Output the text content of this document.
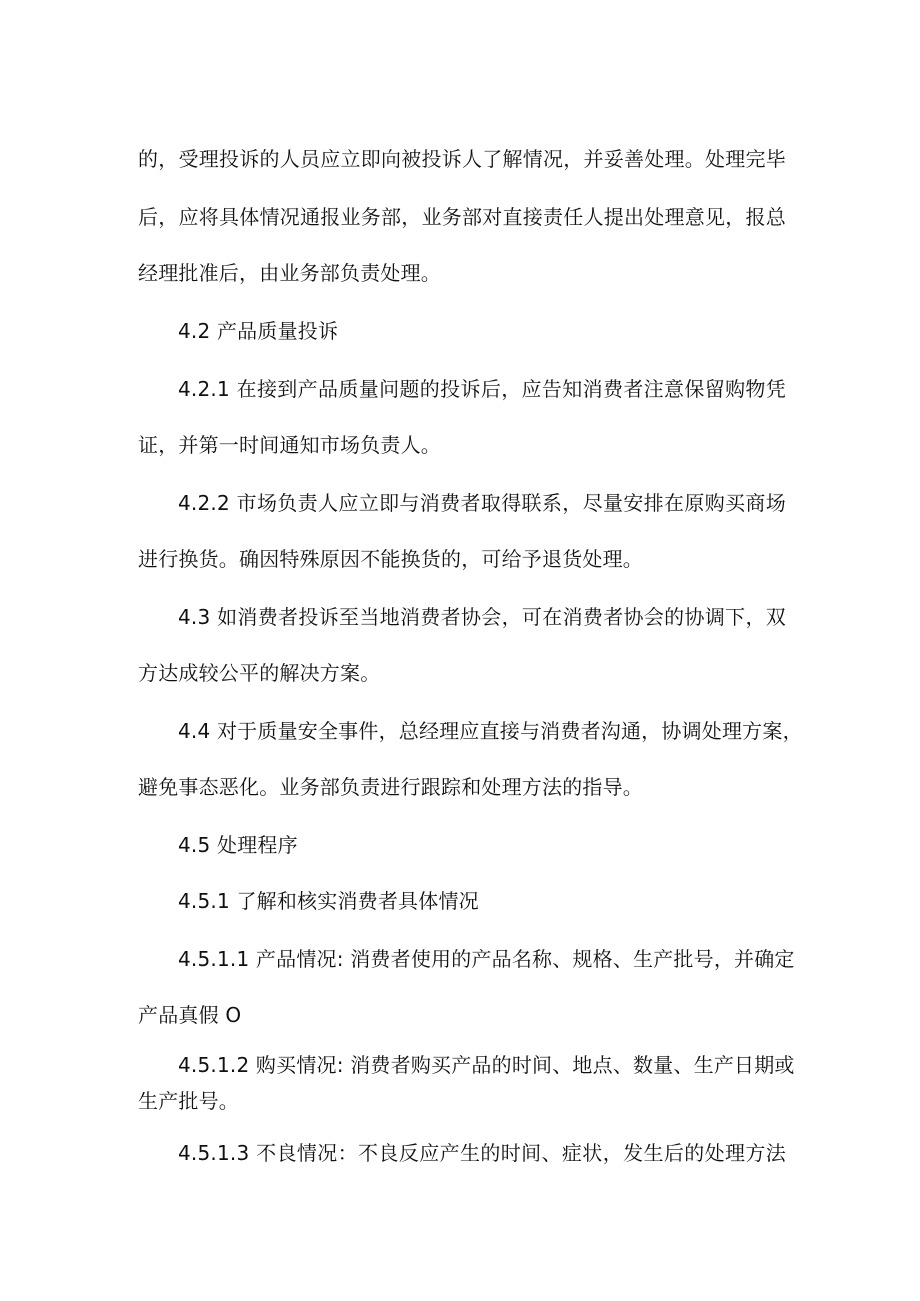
的，受理投诉的人员应立即向被投诉人了解情况，并妥善处理。处理完毕
后，应将具体情况通报业务部，业务部对直接责任人提出处理意见，报总
经理批准后，由业务部负责处理。
4.2 产品质量投诉
4.2.1 在接到产品质量问题的投诉后，应告知消费者注意保留购物凭
证，并第一时间通知市场负责人。
4.2.2 市场负责人应立即与消费者取得联系，尽量安排在原购买商场
进行换货。确因特殊原因不能换货的，可给予退货处理。
4.3 如消费者投诉至当地消费者协会，可在消费者协会的协调下，双
方达成较公平的解决方案。
4.4 对于质量安全事件，总经理应直接与消费者沟通，协调处理方案，
避免事态恶化。业务部负责进行跟踪和处理方法的指导。
4.5 处理程序
4.5.1 了解和核实消费者具体情况
4.5.1.1 产品情况: 消费者使用的产品名称、规格、生产批号，并确定
产品真假 O
4.5.1.2 购买情况: 消费者购买产品的时间、地点、数量、生产日期或
生产批号。
4.5.1.3 不良情况：不良反应产生的时间、症状，发生后的处理方法
